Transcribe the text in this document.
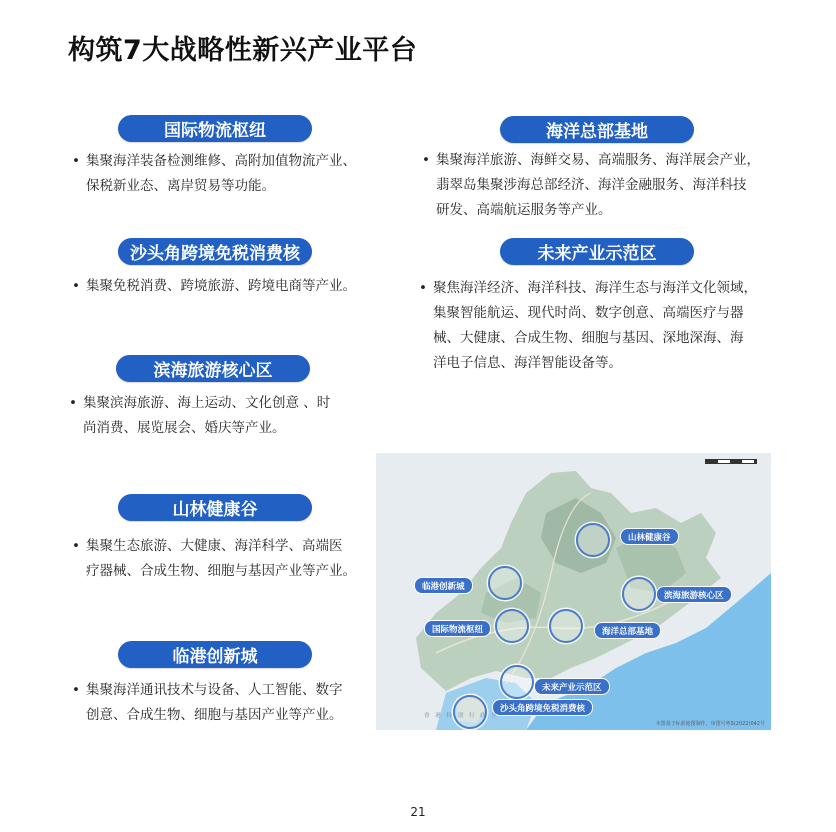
构筑7大战略性新兴产业平台
国际物流枢纽
• 集聚海洋装备检测维修、高附加值物流产业、
保税新业态、离岸贸易等功能。
海洋总部基地
• 集聚海洋旅游、海鲜交易、高端服务、海洋展会产业，
翡翠岛集聚涉海总部经济、海洋金融服务、海洋科技
研发、高端航运服务等产业。
沙头角跨境免税消费核
• 集聚免税消费、跨境旅游、跨境电商等产业。
未来产业示范区
• 聚焦海洋经济、海洋科技、海洋生态与海洋文化领域，
集聚智能航运、现代时尚、数字创意、高端医疗与器
械、大健康、合成生物、细胞与基因、深地深海、海
洋电子信息、海洋智能设备等。
滨海旅游核心区
• 集聚滨海旅游、海上运动、文化创意 、时
尚消费、展览展会、婚庆等产业。
山林健康谷
• 集聚生态旅游、大健康、海洋科学、高端医
疗器械、合成生物、细胞与基因产业等产业。
临港创新城
• 集聚海洋通讯技术与设备、人工智能、数字
创意、合成生物、细胞与基因产业等产业。
山林健康谷
临港创新城
滨海旅游核心区
国际物流枢纽	海洋总部基地
未来产业示范区
沙头角跨境免税消费核
香 港 特 别 行 政 区
本图基于标准地图制作，审图号粤S(2022)042号
21
